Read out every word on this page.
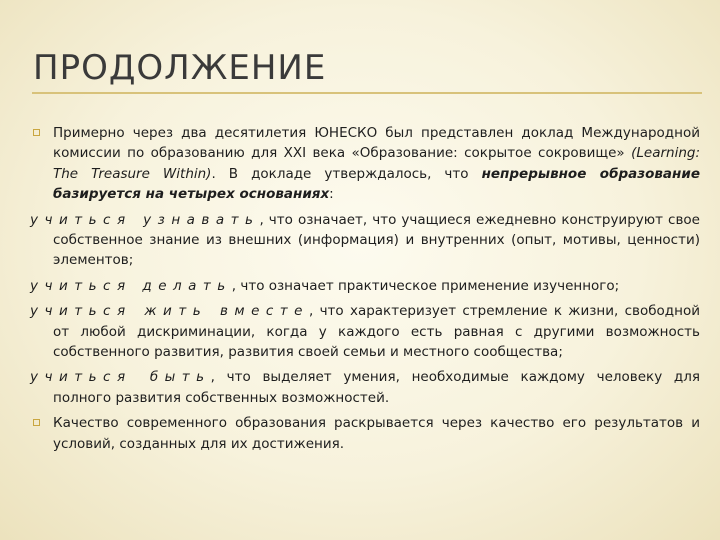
ПРОДОЛЖЕНИЕ
Примерно через два десятилетия ЮНЕСКО был представлен доклад Международной комиссии по образованию для XXI века «Образование: сокрытое сокровище» (Learning: The Treasure Within). В докладе утверждалось, что непрерывное образование базируется на четырех основаниях:
учиться узнавать, что означает, что учащиеся ежедневно конструируют свое собственное знание из внешних (информация) и внутренних (опыт, мотивы, ценности) элементов;
учиться делать, что означает практическое применение изученного;
учиться жить вместе, что характеризует стремление к жизни, свободной от любой дискриминации, когда у каждого есть равная с другими возможность собственного развития, развития своей семьи и местного сообщества;
учиться быть, что выделяет умения, необходимые каждому человеку для полного развития собственных возможностей.
Качество современного образования раскрывается через качество его результатов и условий, созданных для их достижения.
